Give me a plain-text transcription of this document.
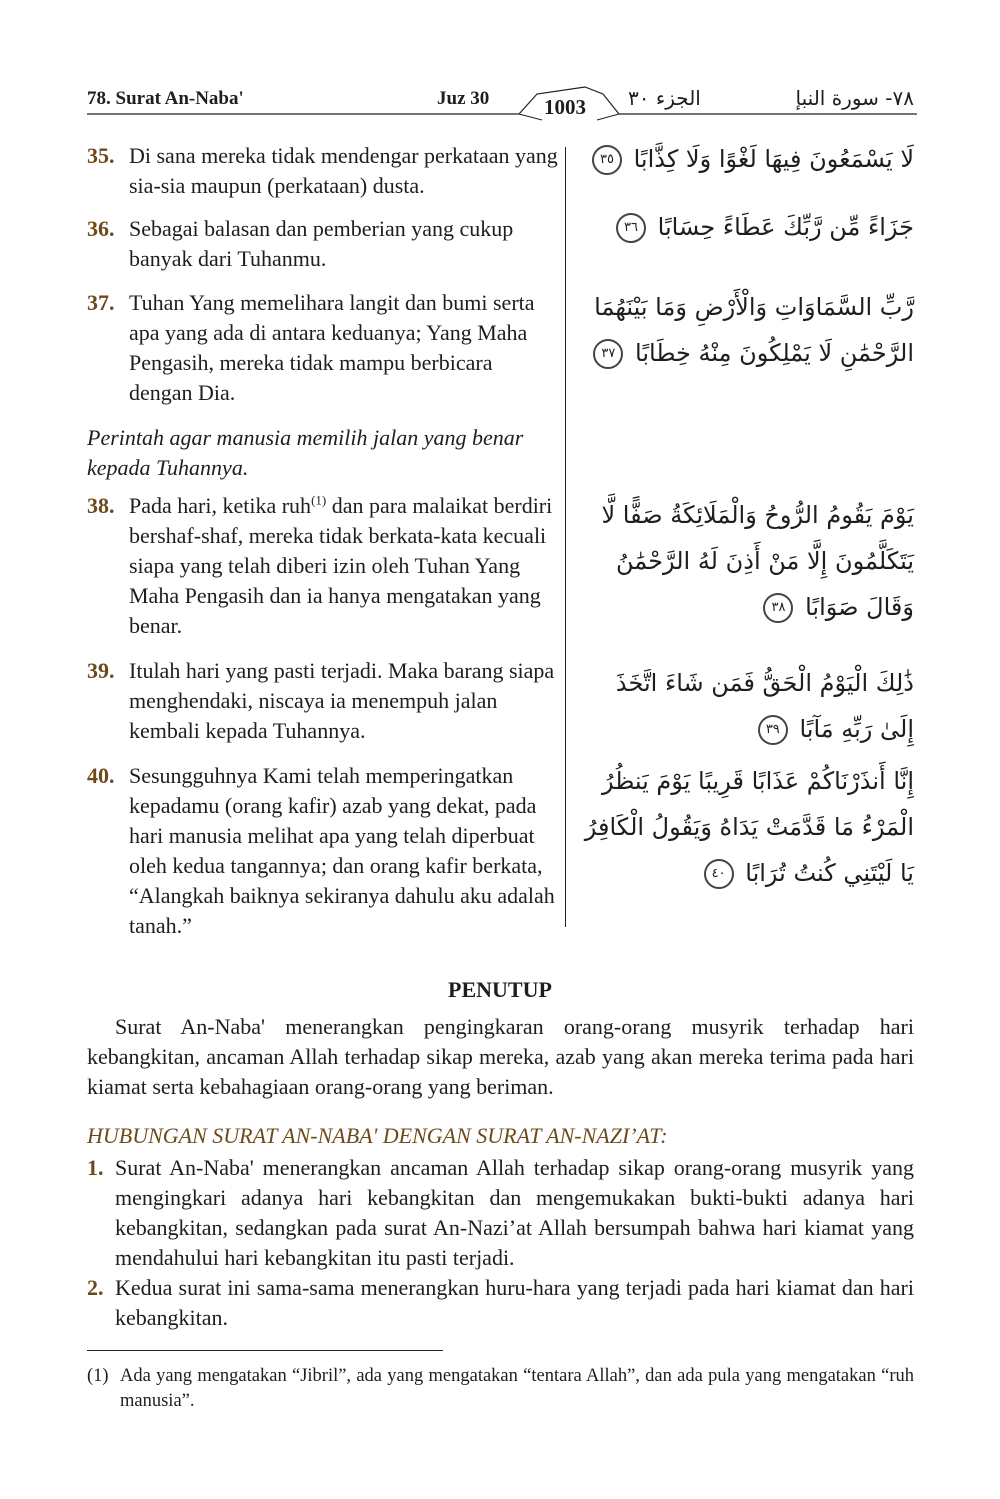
78. Surat An-Naba'	Juz 30	1003 الجزء ٣٠	٧٨- سورة النبإ
35. Di sana mereka tidak mendengar perkataan yang sia-sia maupun (perkataan) dusta.
لَا يَسْمَعُونَ فِيهَا لَغْوًا وَلَا كِذَّابًا ٣٥
36. Sebagai balasan dan pemberian yang cukup banyak dari Tuhanmu.
جَزَاءً مِّن رَّبِّكَ عَطَاءً حِسَابًا ٣٦
37. Tuhan Yang memelihara langit dan bumi serta apa yang ada di antara keduanya; Yang Maha Pengasih, mereka tidak mampu berbicara dengan Dia.
رَّبِّ السَّمَاوَاتِ وَالْأَرْضِ وَمَا بَيْنَهُمَا الرَّحْمَٰنِ لَا يَمْلِكُونَ مِنْهُ خِطَابًا ٣٧
Perintah agar manusia memilih jalan yang benar kepada Tuhannya.
38. Pada hari, ketika ruh$^{(1)}$ dan para malaikat berdiri bershaf-shaf, mereka tidak berkata-kata kecuali siapa yang telah diberi izin oleh Tuhan Yang Maha Pengasih dan ia hanya mengatakan yang benar.
يَوْمَ يَقُومُ الرُّوحُ وَالْمَلَائِكَةُ صَفًّا لَّا يَتَكَلَّمُونَ إِلَّا مَنْ أَذِنَ لَهُ الرَّحْمَٰنُ وَقَالَ صَوَابًا ٣٨
39. Itulah hari yang pasti terjadi. Maka barang siapa menghendaki, niscaya ia menempuh jalan kembali kepada Tuhannya.
ذَٰلِكَ الْيَوْمُ الْحَقُّ فَمَن شَاءَ اتَّخَذَ إِلَىٰ رَبِّهِ مَآبًا ٣٩
40. Sesungguhnya Kami telah memperingatkan kepadamu (orang kafir) azab yang dekat, pada hari manusia melihat apa yang telah diperbuat oleh kedua tangannya; dan orang kafir berkata, “Alangkah baiknya sekiranya dahulu aku adalah tanah.”
إِنَّا أَنذَرْنَاكُمْ عَذَابًا قَرِيبًا يَوْمَ يَنظُرُ الْمَرْءُ مَا قَدَّمَتْ يَدَاهُ وَيَقُولُ الْكَافِرُ يَا لَيْتَنِي كُنتُ تُرَابًا ٤٠
PENUTUP
Surat An-Naba' menerangkan pengingkaran orang-orang musyrik terhadap hari kebangkitan, ancaman Allah terhadap sikap mereka, azab yang akan mereka terima pada hari kiamat serta kebahagiaan orang-orang yang beriman.
HUBUNGAN SURAT AN-NABA' DENGAN SURAT AN-NAZI’AT:
1. Surat An-Naba' menerangkan ancaman Allah terhadap sikap orang-orang musyrik yang mengingkari adanya hari kebangkitan dan mengemukakan bukti-bukti adanya hari kebangkitan, sedangkan pada surat An-Nazi’at Allah bersumpah bahwa hari kiamat yang mendahului hari kebangkitan itu pasti terjadi.
2. Kedua surat ini sama-sama menerangkan huru-hara yang terjadi pada hari kiamat dan hari kebangkitan.
(1) Ada yang mengatakan “Jibril”, ada yang mengatakan “tentara Allah”, dan ada pula yang mengatakan “ruh manusia”.
